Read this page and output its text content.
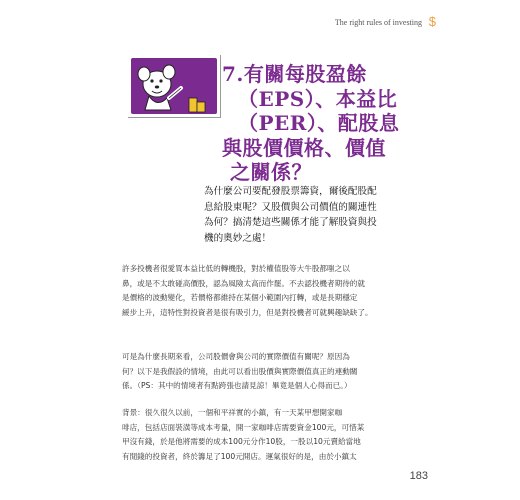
The right rules of investing $
7.有關每股盈餘
（EPS）、本益比
（PER）、配股息
與股價價格、價值
之關係？
為什麼公司要配發股票籌資，爾後配股配
息給股東呢？又股價與公司價值的關連性
為何？搞清楚這些關係才能了解股資與投
機的奧妙之處！
許多投機者很愛買本益比低的轉機股，對於權值股等大牛股都嗤之以
鼻，或是不太敢碰高價股，認為風險太高而作罷。不去認投機者期待的就
是價格的波動變化，若價格都維持在某個小範圍內打轉，或是長期穩定
緩步上升，這特性對投資者是很有吸引力，但是對投機者可就興趣缺缺了。
可是為什麼長期來看，公司股價會與公司的實際價值有關呢？原因為
何？以下是我假設的情境，由此可以看出股價與實際價值真正的連動關
係。（PS：其中的情境者有點跨張也請見諒！畢竟是個人心得而已。）
背景：很久很久以前，一個和平祥實的小鎮，有一天某甲想開家咖
啡店，包括店面裝潢等成本考量，開一家咖啡店需要資金100元，可惜某
甲沒有錢，於是他將需要的成本100元分作10股，一股以10元賣給當地
有閒錢的投資者，終於籌足了100元開店。運氣很好的是，由於小鎮太
183
